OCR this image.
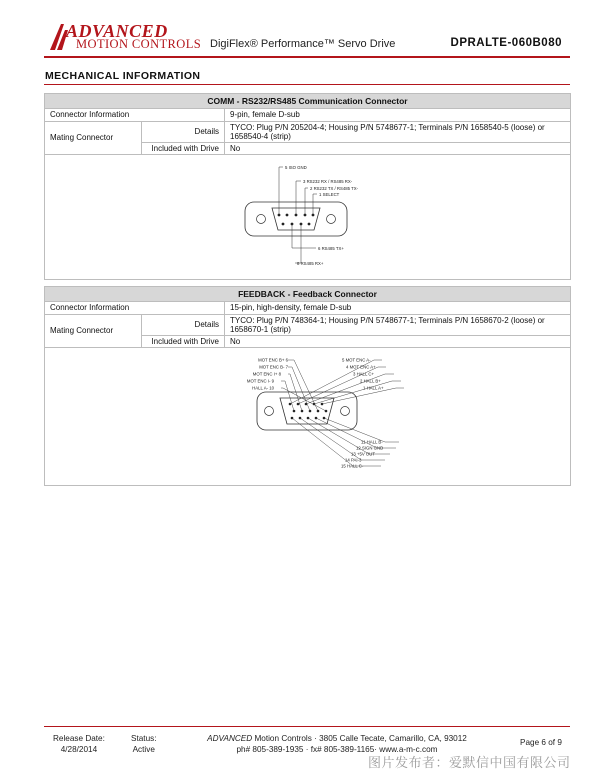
ADVANCED
MOTION CONTROLS DigiFlex® Performance™ Servo Drive	DPRALTE-060B080
MECHANICAL INFORMATION
COMM - RS232/RS485 Communication Connector
Connector Information	9-pin, female D-sub
Mating Connector
Details	TYCO: Plug P/N 205204-4; Housing P/N 5748677-1; Terminals P/N 1658540-5 (loose) or 1658540-4 (strip)
Included with Drive	No
5 ISO GND
3 RS232 RX / RS485 RX-
2 RS232 TX / RS485 TX-
1 SELECT
6 RS485 TX+
8 RS485 RX+
FEEDBACK - Feedback Connector
Connector Information	15-pin, high-density, female D-sub
Mating Connector
Details	TYCO: Plug P/N 748364-1; Housing P/N 5748677-1; Terminals P/N 1658670-2 (loose) or 1658670-1 (strip)
Included with Drive	No
MOT ENC B+ 6
MOT ENC B- 7
MOT ENC I+ 8
MOT ENC I- 9
HALL A- 10
5 MOT ENC A-
4 MOT ENC A+
3 HALL C+
2 HALL B+
1 HALL A+
11 HALL B-
12 SIGN GND
13 +5V OUT
14 PAI-3
15 HALL C-
Release Date:
4/28/2014
Status:
Active
ADVANCED Motion Controls · 3805 Calle Tecate, Camarillo, CA, 93012
ph# 805-389-1935 · fx# 805-389-1165· www.a-m-c.com
Page 6 of 9
图片发布者：爱默信中国有限公司
